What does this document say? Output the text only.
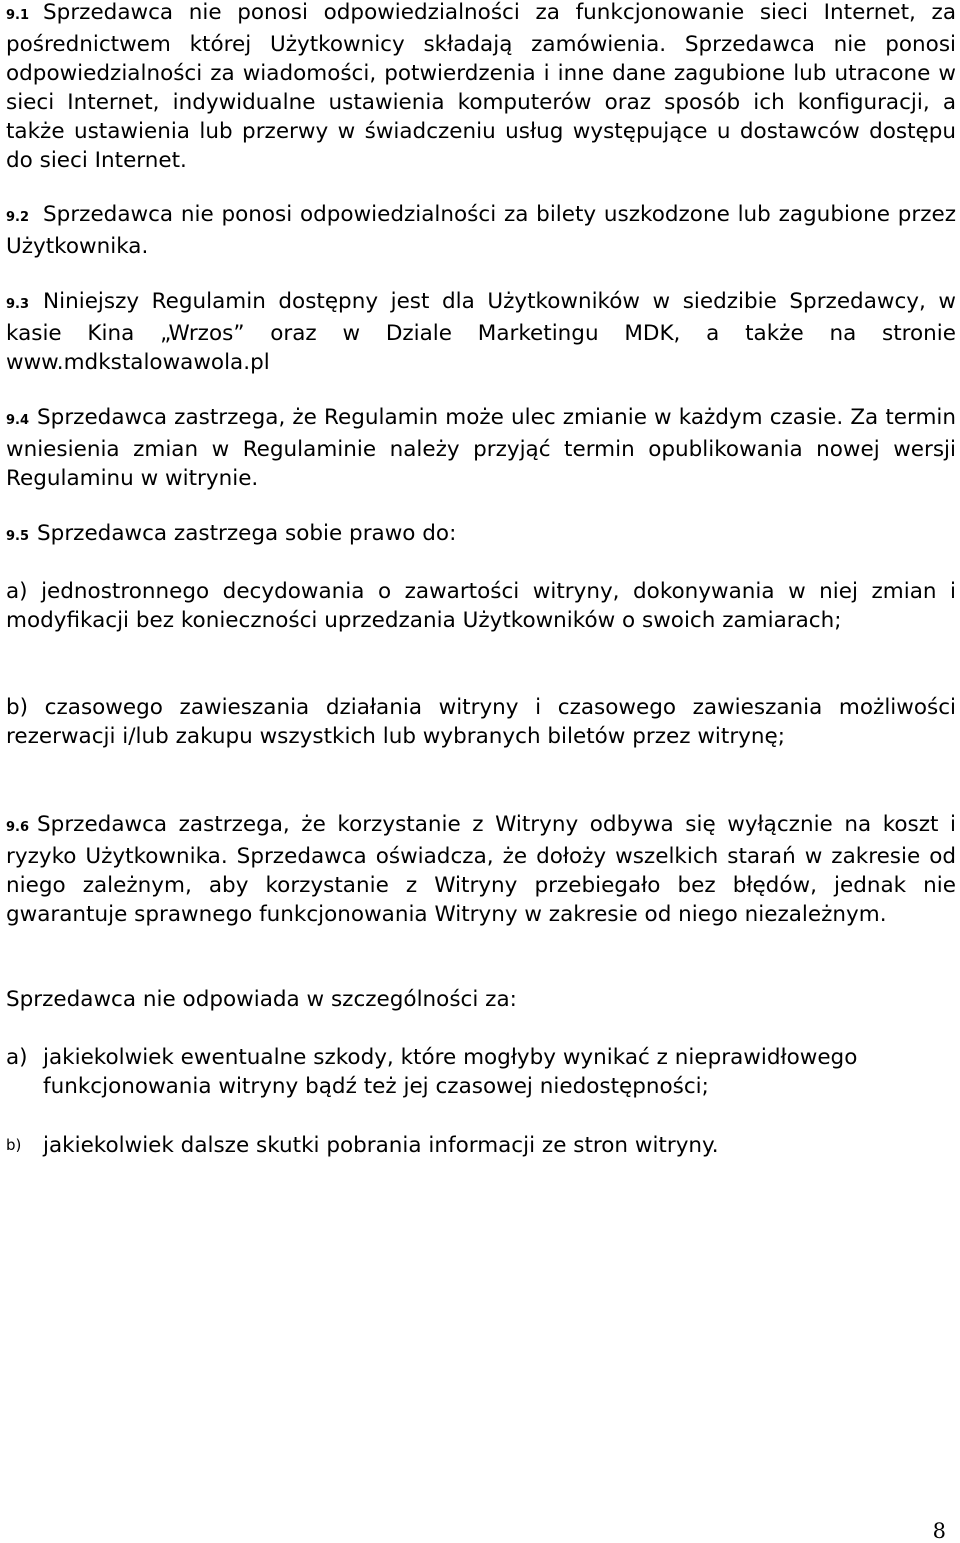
9.1 Sprzedawca nie ponosi odpowiedzialności za funkcjonowanie sieci Internet, za pośrednictwem której Użytkownicy składają zamówienia. Sprzedawca nie ponosi odpowiedzialności za wiadomości, potwierdzenia i inne dane zagubione lub utracone w sieci Internet, indywidualne ustawienia komputerów oraz sposób ich konfiguracji, a także ustawienia lub przerwy w świadczeniu usług występujące u dostawców dostępu do sieci Internet.

9.2 Sprzedawca nie ponosi odpowiedzialności za bilety uszkodzone lub zagubione przez Użytkownika.

9.3 Niniejszy Regulamin dostępny jest dla Użytkowników w siedzibie Sprzedawcy, w kasie Kina „Wrzos” oraz w Dziale Marketingu MDK, a także na stronie www.mdkstalowawola.pl

9.4 Sprzedawca zastrzega, że Regulamin może ulec zmianie w każdym czasie. Za termin wniesienia zmian w Regulaminie należy przyjąć termin opublikowania nowej wersji Regulaminu w witrynie.

9.5 Sprzedawca zastrzega sobie prawo do:

a) jednostronnego decydowania o zawartości witryny, dokonywania w niej zmian i modyfikacji bez konieczności uprzedzania Użytkowników o swoich zamiarach;

b) czasowego zawieszania działania witryny i czasowego zawieszania możliwości rezerwacji i/lub zakupu wszystkich lub wybranych biletów przez witrynę;

9.6 Sprzedawca zastrzega, że korzystanie z Witryny odbywa się wyłącznie na koszt i ryzyko Użytkownika. Sprzedawca oświadcza, że dołoży wszelkich starań w zakresie od niego zależnym, aby korzystanie z Witryny przebiegało bez błędów, jednak nie gwarantuje sprawnego funkcjonowania Witryny w zakresie od niego niezależnym.

Sprzedawca nie odpowiada w szczególności za:

a) jakiekolwiek ewentualne szkody, które mogłyby wynikać z nieprawidłowego funkcjonowania witryny bądź też jej czasowej niedostępności;
b) jakiekolwiek dalsze skutki pobrania informacji ze stron witryny.
8
